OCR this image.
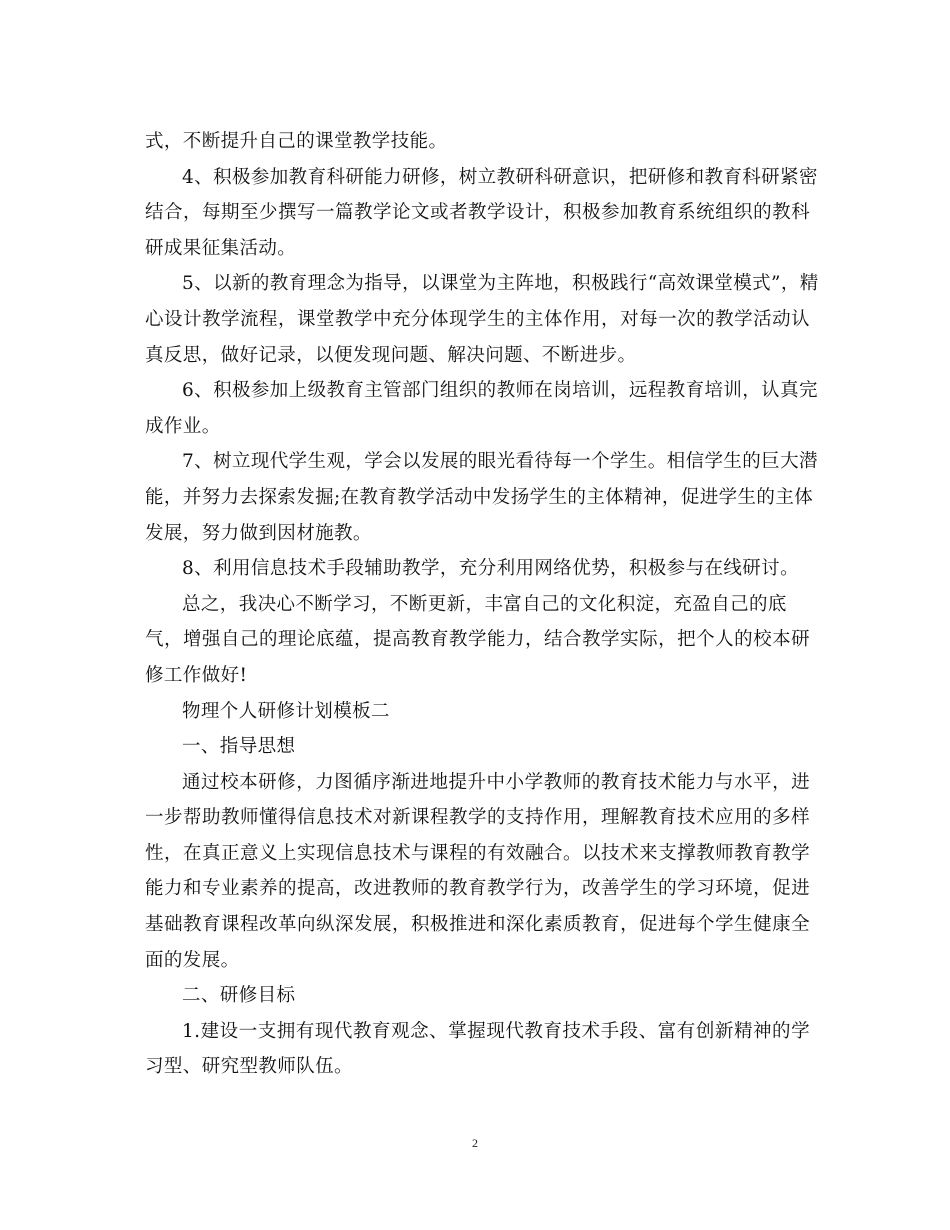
式，不断提升自己的课堂教学技能。
4、积极参加教育科研能力研修，树立教研科研意识，把研修和教育科研紧密
结合，每期至少撰写一篇教学论文或者教学设计，积极参加教育系统组织的教科
研成果征集活动。
5、以新的教育理念为指导，以课堂为主阵地，积极践行“高效课堂模式”，精
心设计教学流程，课堂教学中充分体现学生的主体作用，对每一次的教学活动认
真反思，做好记录，以便发现问题、解决问题、不断进步。
6、积极参加上级教育主管部门组织的教师在岗培训，远程教育培训，认真完
成作业。
7、树立现代学生观，学会以发展的眼光看待每一个学生。相信学生的巨大潜
能，并努力去探索发掘;在教育教学活动中发扬学生的主体精神，促进学生的主体
发展，努力做到因材施教。
8、利用信息技术手段辅助教学，充分利用网络优势，积极参与在线研讨。
总之，我决心不断学习，不断更新，丰富自己的文化积淀，充盈自己的底
气，增强自己的理论底蕴，提高教育教学能力，结合教学实际，把个人的校本研
修工作做好!
物理个人研修计划模板二
一、指导思想
通过校本研修，力图循序渐进地提升中小学教师的教育技术能力与水平，进
一步帮助教师懂得信息技术对新课程教学的支持作用，理解教育技术应用的多样
性，在真正意义上实现信息技术与课程的有效融合。以技术来支撑教师教育教学
能力和专业素养的提高，改进教师的教育教学行为，改善学生的学习环境，促进
基础教育课程改革向纵深发展，积极推进和深化素质教育，促进每个学生健康全
面的发展。
二、研修目标
1.建设一支拥有现代教育观念、掌握现代教育技术手段、富有创新精神的学
习型、研究型教师队伍。
2
